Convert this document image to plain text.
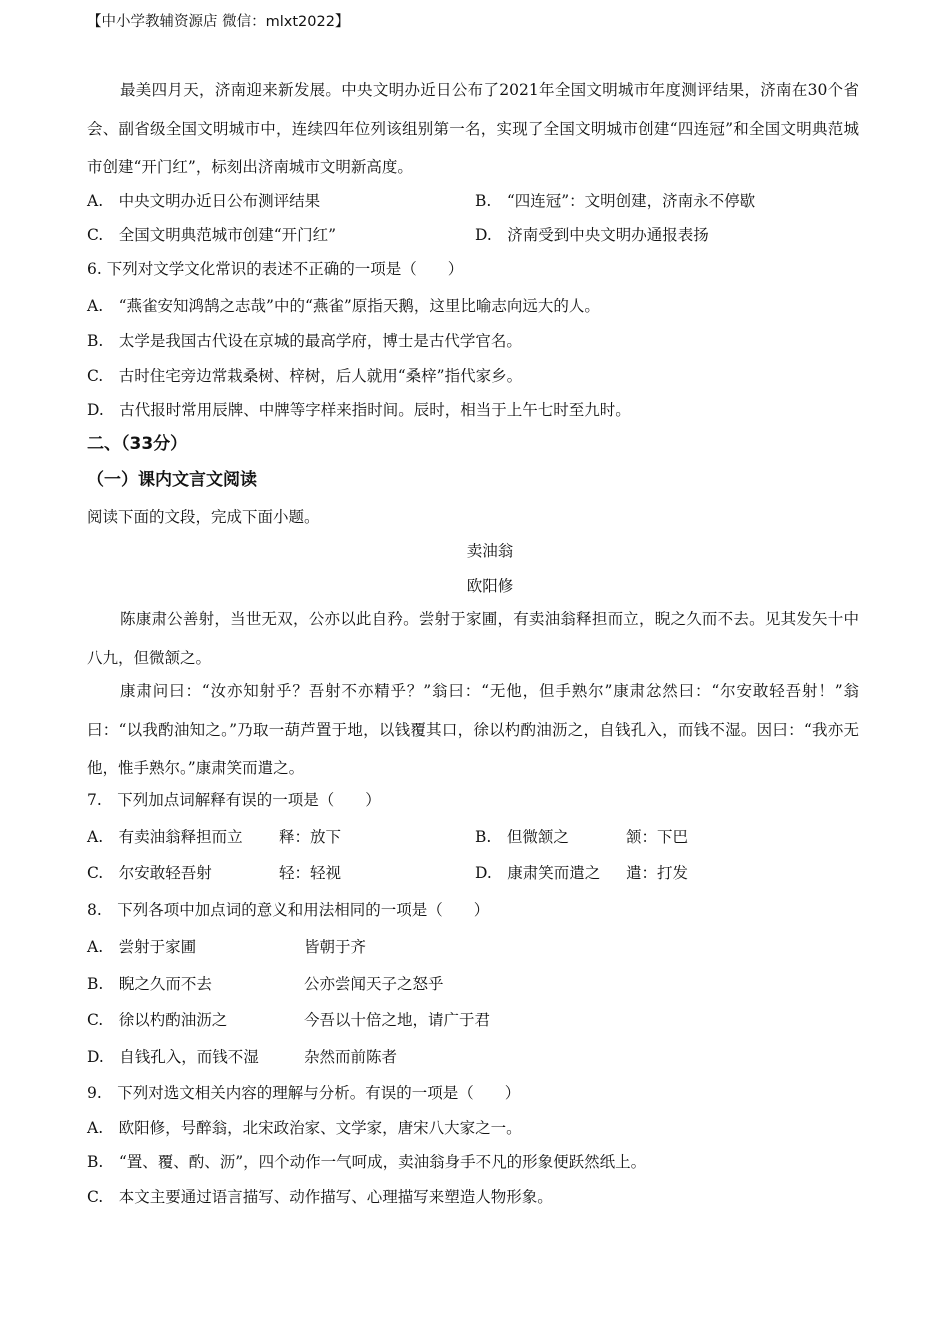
【中小学教辅资源店 微信：mlxt2022】
最美四月天，济南迎来新发展。中央文明办近日公布了2021年全国文明城市年度测评结果，济南在30个省会、副省级全国文明城市中，连续四年位列该组别第一名，实现了全国文明城市创建“四连冠”和全国文明典范城市创建“开门红”，标刻出济南城市文明新高度。
A.　中央文明办近日公布测评结果	B.　“四连冠”：文明创建，济南永不停歇
C.　全国文明典范城市创建“开门红”	D.　济南受到中央文明办通报表扬
6. 下列对文学文化常识的表述不正确的一项是（　　）
A.　“燕雀安知鸿鹄之志哉”中的“燕雀”原指天鹅，这里比喻志向远大的人。
B.　太学是我国古代设在京城的最高学府，博士是古代学官名。
C.　古时住宅旁边常栽桑树、梓树，后人就用“桑梓”指代家乡。
D.　古代报时常用辰牌、中牌等字样来指时间。辰时，相当于上午七时至九时。
二、（33分）
（一）课内文言文阅读
阅读下面的文段，完成下面小题。
卖油翁
欧阳修
陈康肃公善射，当世无双，公亦以此自矜。尝射于家圃，有卖油翁释担而立，睨之久而不去。见其发矢十中八九，但微颔之。
康肃问曰：“汝亦知射乎？吾射不亦精乎？”翁曰：“无他，但手熟尔”康肃忿然曰：“尔安敢轻吾射！”翁曰：“以我酌油知之。”乃取一葫芦置于地，以钱覆其口，徐以杓酌油沥之，自钱孔入，而钱不湿。因曰：“我亦无他，惟手熟尔。”康肃笑而遣之。
7.　下列加点词解释有误的一项是（　　）
A.　有卖油翁释担而立 释：放下	B.　但微颔之	颔：下巴
C.　尔安敢轻吾射	轻：轻视	D.　康肃笑而遣之 遣：打发
8.　下列各项中加点词的意义和用法相同的一项是（　　）
A.　尝射于家圃	皆朝于齐
B.　睨之久而不去	公亦尝闻天子之怒乎
C.　徐以杓酌油沥之	今吾以十倍之地，请广于君
D.　自钱孔入，而钱不湿	杂然而前陈者
9.　下列对选文相关内容的理解与分析。有误的一项是（　　）
A.　欧阳修，号醉翁，北宋政治家、文学家，唐宋八大家之一。
B.　“置、覆、酌、沥”，四个动作一气呵成，卖油翁身手不凡的形象便跃然纸上。
C.　本文主要通过语言描写、动作描写、心理描写来塑造人物形象。
